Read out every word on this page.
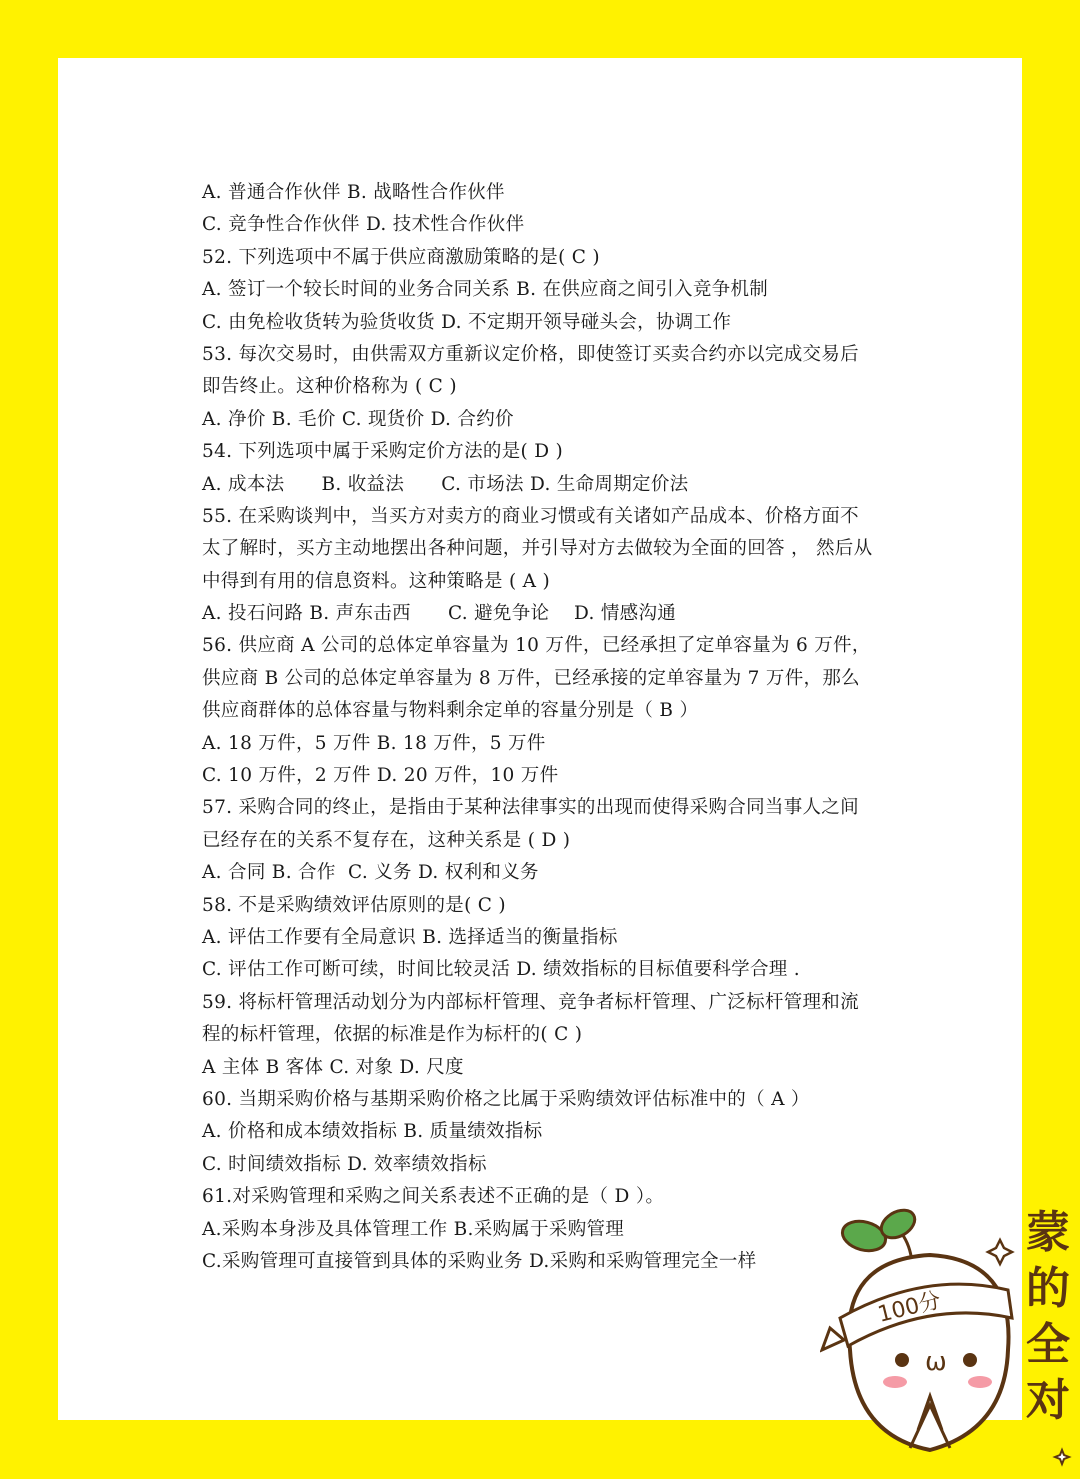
A. 普通合作伙伴 B. 战略性合作伙伴
C. 竞争性合作伙伴 D. 技术性合作伙伴
52. 下列选项中不属于供应商激励策略的是( C )
A. 签订一个较长时间的业务合同关系 B. 在供应商之间引入竞争机制
C. 由免检收货转为验货收货 D. 不定期开领导碰头会，协调工作
53. 每次交易时，由供需双方重新议定价格，即使签订买卖合约亦以完成交易后
即告终止。这种价格称为 ( C )
A. 净价 B. 毛价 C. 现货价 D. 合约价
54. 下列选项中属于采购定价方法的是( D )
A. 成本法      B. 收益法      C. 市场法 D. 生命周期定价法
55. 在采购谈判中，当买方对卖方的商业习惯或有关诸如产品成本、价格方面不
太了解时，买方主动地摆出各种问题，并引导对方去做较为全面的回答 ， 然后从
中得到有用的信息资料。这种策略是 ( A )
A. 投石问路 B. 声东击西      C. 避免争论    D. 情感沟通
56. 供应商 A 公司的总体定单容量为 10 万件，已经承担了定单容量为 6 万件，
供应商 B 公司的总体定单容量为 8 万件，已经承接的定单容量为 7 万件，那么
供应商群体的总体容量与物料剩余定单的容量分别是（ B ）
A. 18 万件，5 万件 B. 18 万件，5 万件
C. 10 万件，2 万件 D. 20 万件，10 万件
57. 采购合同的终止，是指由于某种法律事实的出现而使得采购合同当事人之间
已经存在的关系不复存在，这种关系是 ( D )
A. 合同 B. 合作  C. 义务 D. 权利和义务
58. 不是采购绩效评估原则的是( C )
A. 评估工作要有全局意识 B. 选择适当的衡量指标
C. 评估工作可断可续，时间比较灵活 D. 绩效指标的目标值要科学合理 .
59. 将标杆管理活动划分为内部标杆管理、竞争者标杆管理、广泛标杆管理和流
程的标杆管理，依据的标准是作为标杆的( C )
A 主体 B 客体 C. 对象 D. 尺度
60. 当期采购价格与基期采购价格之比属于采购绩效评估标准中的（ A ）
A. 价格和成本绩效指标 B. 质量绩效指标
C. 时间绩效指标 D. 效率绩效指标
61.对采购管理和采购之间关系表述不正确的是（ D ）。
A.采购本身涉及具体管理工作 B.采购属于采购管理
C.采购管理可直接管到具体的采购业务 D.采购和采购管理完全一样
100分
ω
蒙
的
全
对
